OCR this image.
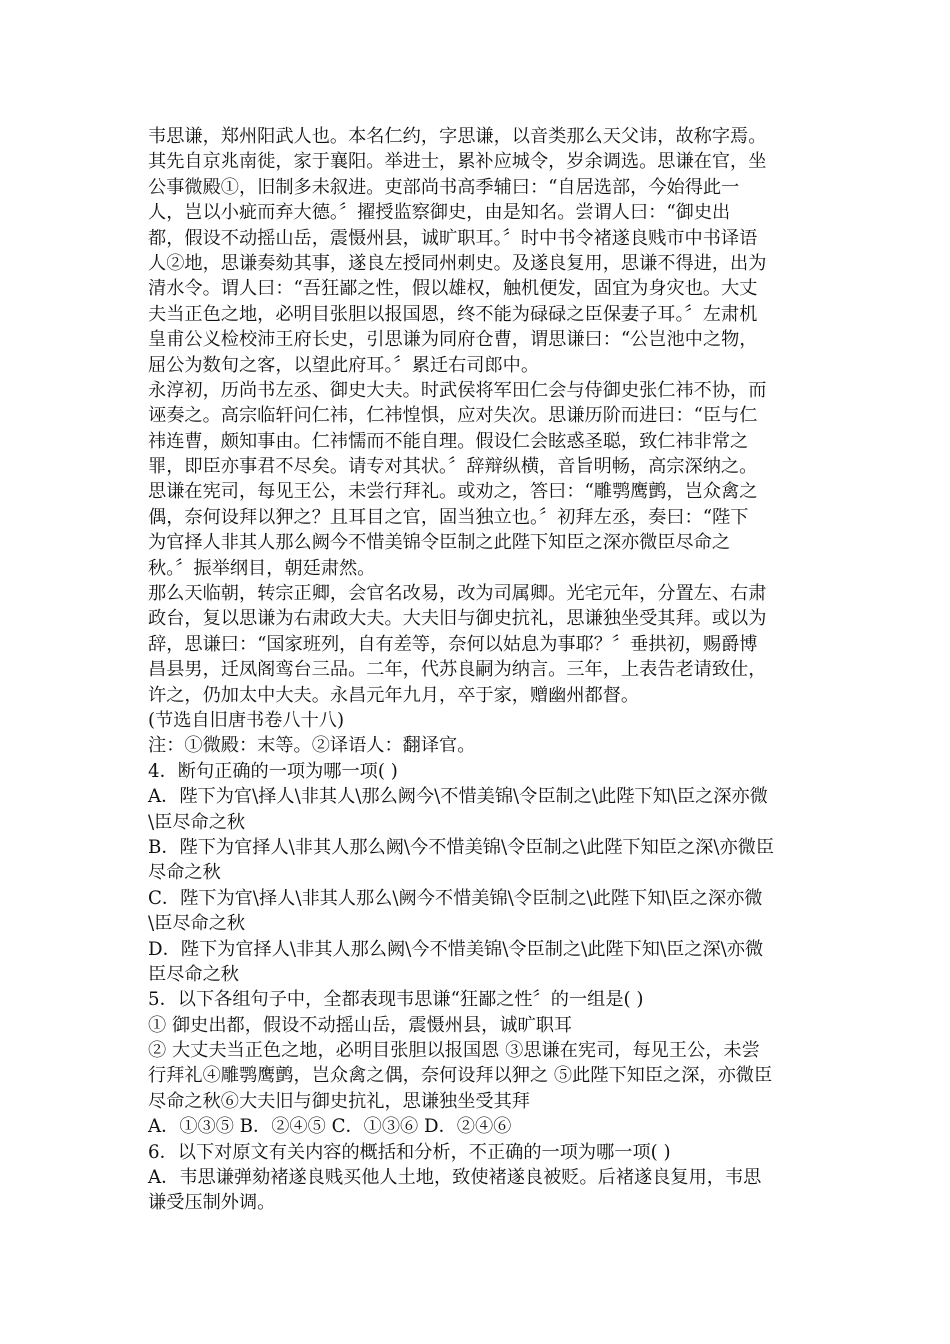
韦思谦，郑州阳武人也。本名仁约，字思谦，以音类那么天父讳，故称字焉。
其先自京兆南徙，家于襄阳。举进士，累补应城令，岁余调选。思谦在官，坐
公事微殿①，旧制多未叙进。吏部尚书高季辅曰：“自居选部，今始得此一
人，岂以小疵而弃大德。〞擢授监察御史，由是知名。尝谓人曰：“御史出
都，假设不动摇山岳，震慑州县，诚旷职耳。〞时中书令褚遂良贱市中书译语
人②地，思谦奏劾其事，遂良左授同州刺史。及遂良复用，思谦不得进，出为
清水令。谓人曰：“吾狂鄙之性，假以雄权，触机便发，固宜为身灾也。大丈
夫当正色之地，必明目张胆以报国恩，终不能为碌碌之臣保妻子耳。〞左肃机
皇甫公义检校沛王府长史，引思谦为同府仓曹，谓思谦曰：“公岂池中之物，
屈公为数旬之客，以望此府耳。〞累迁右司郎中。
永淳初，历尚书左丞、御史大夫。时武侯将军田仁会与侍御史张仁祎不协，而
诬奏之。高宗临轩问仁祎，仁祎惶惧，应对失次。思谦历阶而进曰：“臣与仁
祎连曹，颇知事由。仁祎懦而不能自理。假设仁会眩惑圣聪，致仁祎非常之
罪，即臣亦事君不尽矣。请专对其状。〞辞辩纵横，音旨明畅，高宗深纳之。
思谦在宪司，每见王公，未尝行拜礼。或劝之，答曰：“雕鹗鹰鹯，岂众禽之
偶，奈何设拜以狎之？且耳目之官，固当独立也。〞初拜左丞，奏曰：“陛下
为官择人非其人那么阙今不惜美锦令臣制之此陛下知臣之深亦微臣尽命之
秋。〞振举纲目，朝廷肃然。
那么天临朝，转宗正卿，会官名改易，改为司属卿。光宅元年，分置左、右肃
政台，复以思谦为右肃政大夫。大夫旧与御史抗礼，思谦独坐受其拜。或以为
辞，思谦曰：“国家班列，自有差等，奈何以姑息为事耶？〞垂拱初，赐爵博
昌县男，迁凤阁鸾台三品。二年，代苏良嗣为纳言。三年，上表告老请致仕，
许之，仍加太中大夫。永昌元年九月，卒于家，赠幽州都督。
(节选自旧唐书卷八十八)
注：①微殿：末等。②译语人：翻译官。
4．断句正确的一项为哪一项( )
A．陛下为官\择人\非其人\那么阙今\不惜美锦\令臣制之\此陛下知\臣之深亦微
\臣尽命之秋
B．陛下为官择人\非其人那么阙\今不惜美锦\令臣制之\此陛下知臣之深\亦微臣
尽命之秋
C．陛下为官\择人\非其人那么\阙今不惜美锦\令臣制之\此陛下知\臣之深亦微
\臣尽命之秋
D．陛下为官择人\非其人那么阙\今不惜美锦\令臣制之\此陛下知\臣之深\亦微
臣尽命之秋
5．以下各组句子中，全都表现韦思谦“狂鄙之性〞的一组是( )
① 御史出都，假设不动摇山岳，震慑州县，诚旷职耳
② 大丈夫当正色之地，必明目张胆以报国恩 ③思谦在宪司，每见王公，未尝
行拜礼④雕鹗鹰鹯，岂众禽之偶，奈何设拜以狎之 ⑤此陛下知臣之深，亦微臣
尽命之秋⑥大夫旧与御史抗礼，思谦独坐受其拜
A．①③⑤ B．②④⑤ C．①③⑥ D．②④⑥
6．以下对原文有关内容的概括和分析，不正确的一项为哪一项( )
A．韦思谦弹劾褚遂良贱买他人土地，致使褚遂良被贬。后褚遂良复用，韦思
谦受压制外调。
